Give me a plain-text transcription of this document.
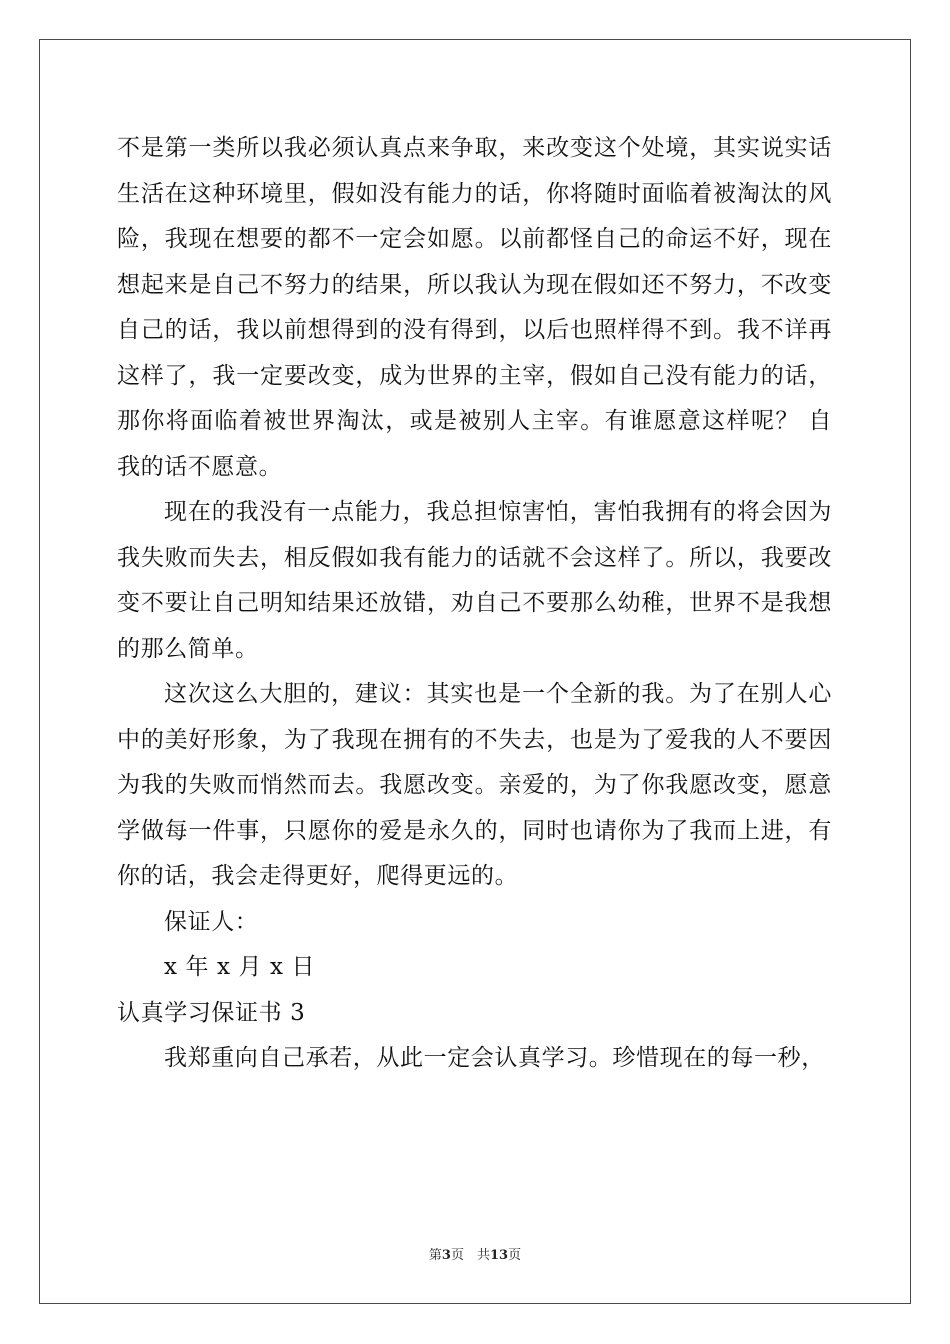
不是第一类所以我必须认真点来争取，来改变这个处境，其实说实话生活在这种环境里，假如没有能力的话，你将随时面临着被淘汰的风险，我现在想要的都不一定会如愿。以前都怪自己的命运不好，现在想起来是自己不努力的结果，所以我认为现在假如还不努力，不改变自己的话，我以前想得到的没有得到，以后也照样得不到。我不详再这样了，我一定要改变，成为世界的主宰，假如自己没有能力的话，那你将面临着被世界淘汰，或是被别人主宰。有谁愿意这样呢？ 自我的话不愿意。

现在的我没有一点能力，我总担惊害怕，害怕我拥有的将会因为我失败而失去，相反假如我有能力的话就不会这样了。所以，我要改变不要让自己明知结果还放错，劝自己不要那么幼稚，世界不是我想的那么简单。

这次这么大胆的，建议：其实也是一个全新的我。为了在别人心中的美好形象，为了我现在拥有的不失去，也是为了爱我的人不要因为我的失败而悄然而去。我愿改变。亲爱的，为了你我愿改变，愿意学做每一件事，只愿你的爱是永久的，同时也请你为了我而上进，有你的话，我会走得更好，爬得更远的。

保证人：

x 年 x 月 x 日

认真学习保证书 3

我郑重向自己承若，从此一定会认真学习。珍惜现在的每一秒，

第3页　共13页
